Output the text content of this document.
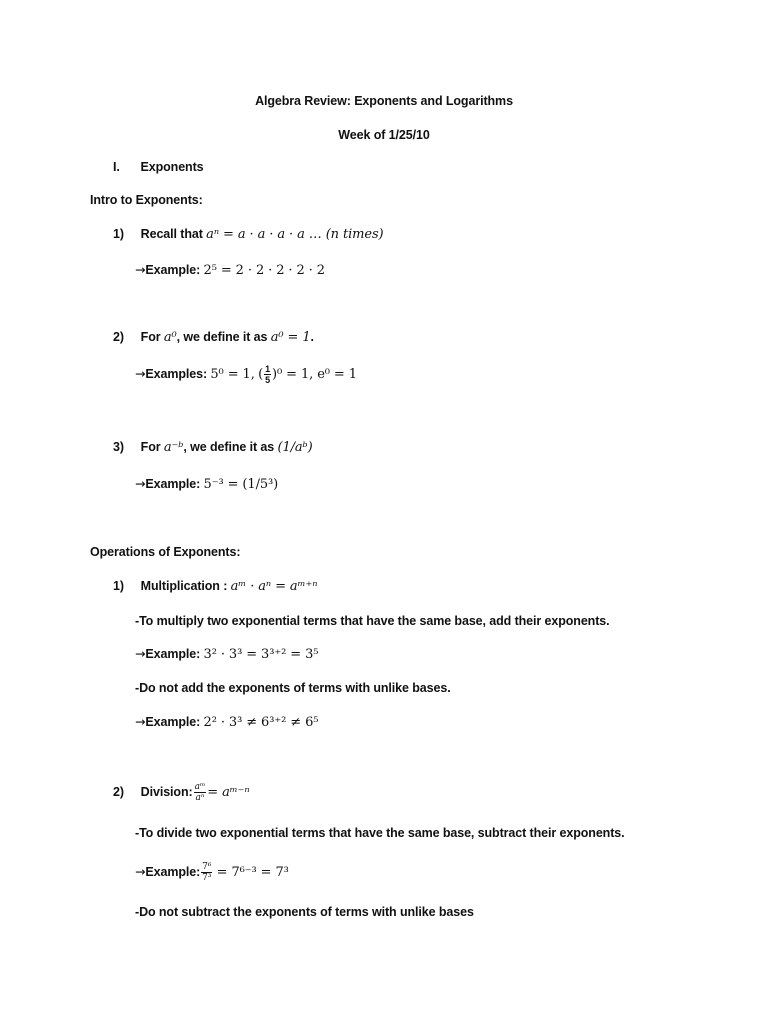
Algebra Review: Exponents and Logarithms
Week of 1/25/10
I. Exponents
Intro to Exponents:
1) Recall that aⁿ = a · a · a · a … (n times)
→Example: 2⁵ = 2 · 2 · 2 · 2 · 2
2) For a⁰, we define it as a⁰ = 1.
→Examples: 5⁰ = 1, ( $\frac{1}{5} )^0 = 1$, e⁰ = 1
3) For a⁻ᵇ, we define it as (1/aᵇ)
→Example: 5⁻³ = (1/5³)
Operations of Exponents:
1) Multiplication : aᵐ · aⁿ = aᵐ⁺ⁿ
-To multiply two exponential terms that have the same base, add their exponents.
→Example: 3² · 3³ = 3³⁺² = 3⁵
-Do not add the exponents of terms with unlike bases.
→Example: 2² · 3³ ≠ 6³⁺² ≠ 6⁵
2) Division: $\frac{\text{aᵐ}}{\text{aⁿ}}$ = aᵐ⁻ⁿ
-To divide two exponential terms that have the same base, subtract their exponents.
→Example: $\frac{\text{7⁶}}{\text{7³}} = 7^{6-3} = 7^3$
-Do not subtract the exponents of terms with unlike bases
